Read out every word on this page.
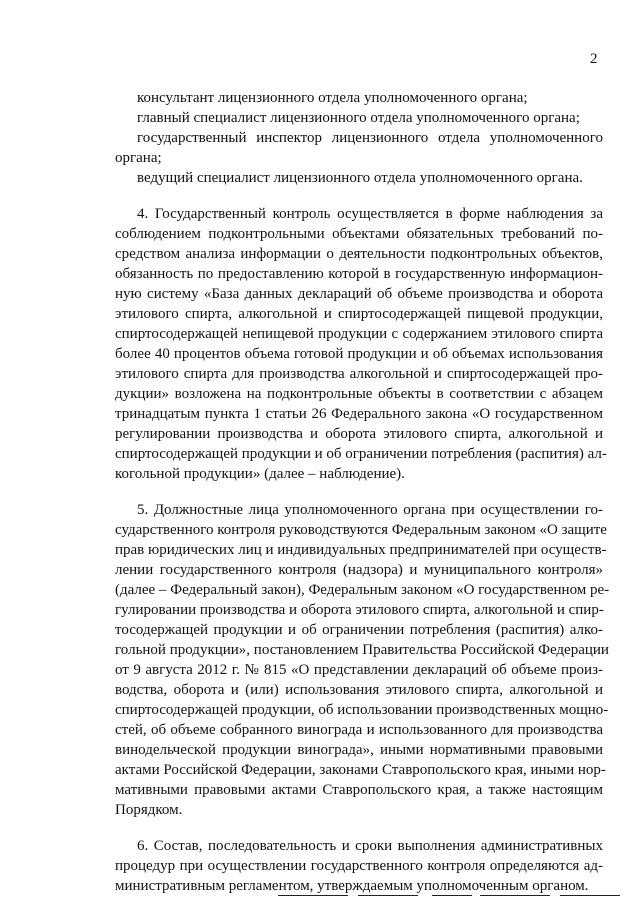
2
консультант лицензионного отдела уполномоченного органа;
главный специалист лицензионного отдела уполномоченного органа;
государственный инспектор лицензионного отдела уполномоченного
органа;
ведущий специалист лицензионного отдела уполномоченного органа.
4. Государственный контроль осуществляется в форме наблюдения за
соблюдением подконтрольными объектами обязательных требований по-
средством анализа информации о деятельности подконтрольных объектов,
обязанность по предоставлению которой в государственную информацион-
ную систему «База данных деклараций об объеме производства и оборота
этилового спирта, алкогольной и спиртосодержащей пищевой продукции,
спиртосодержащей непищевой продукции с содержанием этилового спирта
более 40 процентов объема готовой продукции и об объемах использования
этилового спирта для производства алкогольной и спиртосодержащей про-
дукции» возложена на подконтрольные объекты в соответствии с абзацем
тринадцатым пункта 1 статьи 26 Федерального закона «О государственном
регулировании производства и оборота этилового спирта, алкогольной и
спиртосодержащей продукции и об ограничении потребления (распития) ал-
когольной продукции» (далее – наблюдение).
5. Должностные лица уполномоченного органа при осуществлении го-
сударственного контроля руководствуются Федеральным законом «О защите
прав юридических лиц и индивидуальных предпринимателей при осуществ-
лении государственного контроля (надзора) и муниципального контроля»
(далее – Федеральный закон), Федеральным законом «О государственном ре-
гулировании производства и оборота этилового спирта, алкогольной и спир-
тосодержащей продукции и об ограничении потребления (распития) алко-
гольной продукции», постановлением Правительства Российской Федерации
от 9 августа 2012 г. № 815 «О представлении деклараций об объеме произ-
водства, оборота и (или) использования этилового спирта, алкогольной и
спиртосодержащей продукции, об использовании производственных мощно-
стей, об объеме собранного винограда и использованного для производства
винодельческой продукции винограда», иными нормативными правовыми
актами Российской Федерации, законами Ставропольского края, иными нор-
мативными правовыми актами Ставропольского края, а также настоящим
Порядком.
6. Состав, последовательность и сроки выполнения административных
процедур при осуществлении государственного контроля определяются ад-
министративным регламентом, утверждаемым уполномоченным органом.
